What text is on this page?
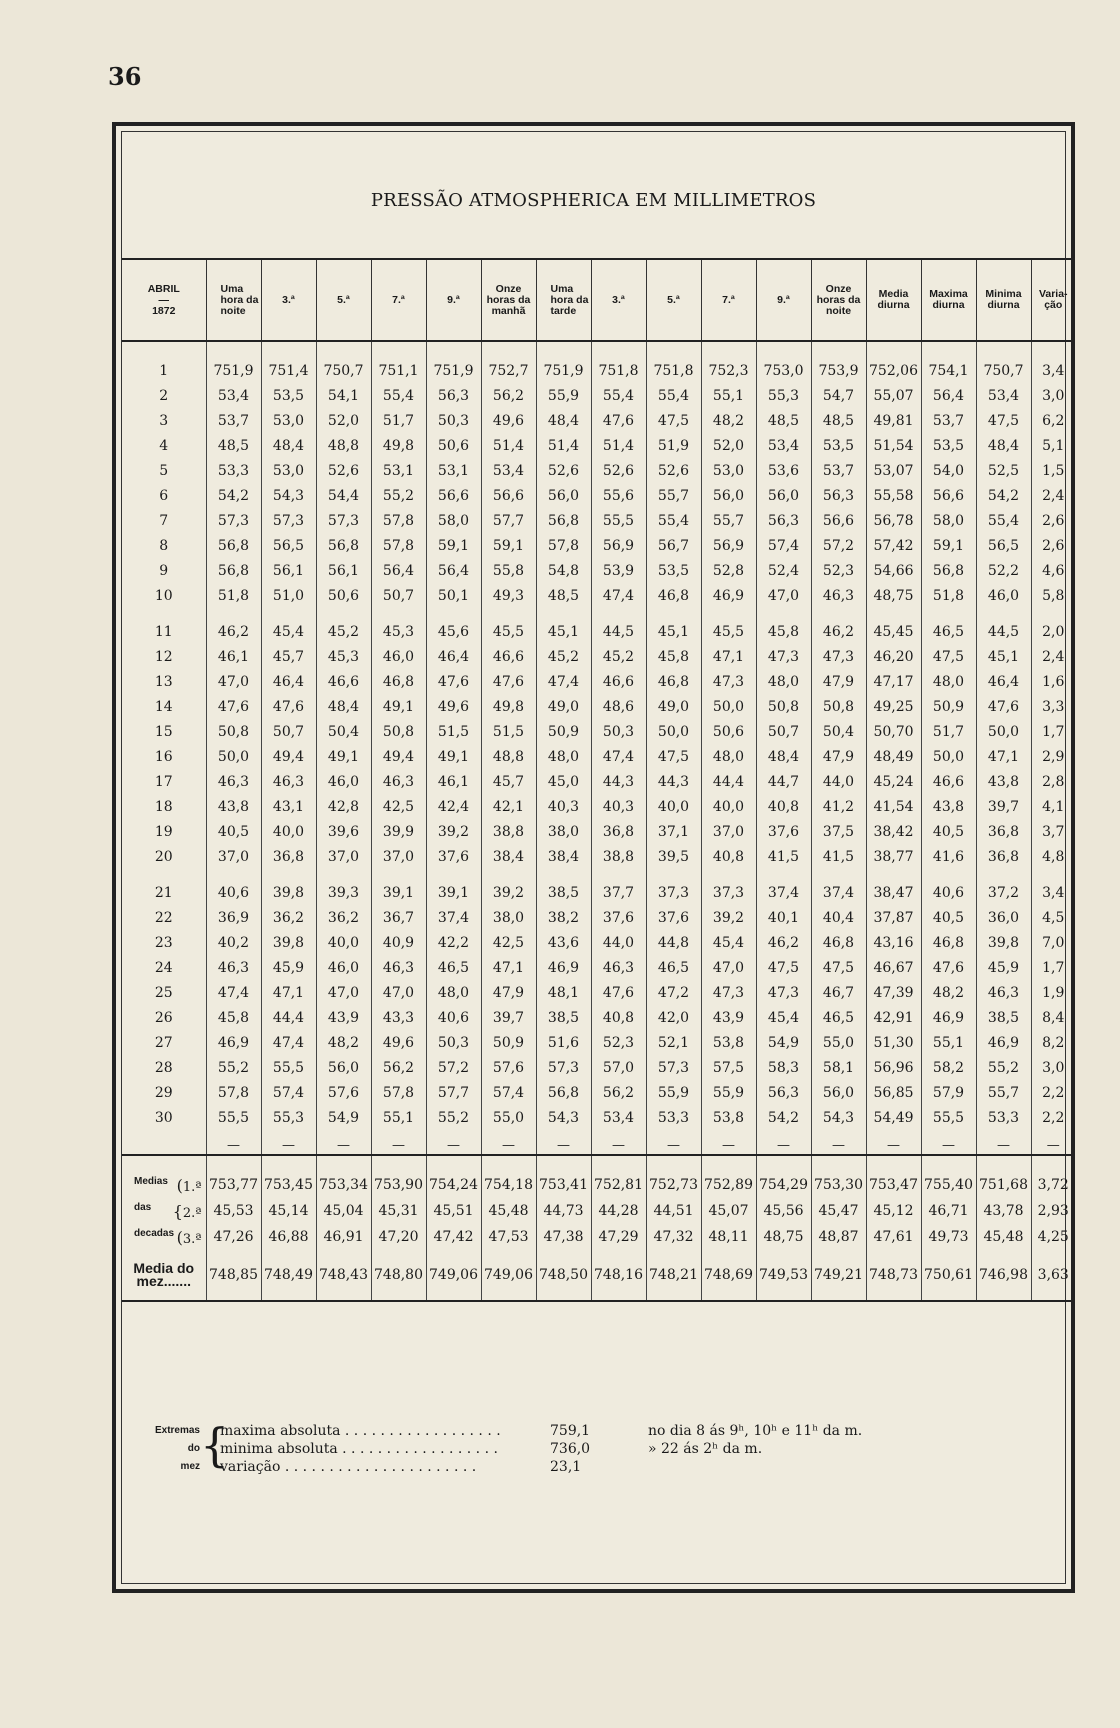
36
PRESSÃO ATMOSPHERICA EM MILLIMETROS
ABRIL
—
1872	Uma hora da noite	3.ª	5.ª	7.ª	9.ª	Onze horas da manhã	Uma hora da tarde	3.ª	5.ª	7.ª	9.ª	Onze horas da noite	Media diurna	Maxima diurna	Minima diurna	Varia-ção

1	751,9	751,4	750,7	751,1	751,9	752,7	751,9	751,8	751,8	752,3	753,0	753,9	752,06	754,1	750,7	3,4
2	53,4	53,5	54,1	55,4	56,3	56,2	55,9	55,4	55,4	55,1	55,3	54,7	55,07	56,4	53,4	3,0
3	53,7	53,0	52,0	51,7	50,3	49,6	48,4	47,6	47,5	48,2	48,5	48,5	49,81	53,7	47,5	6,2
4	48,5	48,4	48,8	49,8	50,6	51,4	51,4	51,4	51,9	52,0	53,4	53,5	51,54	53,5	48,4	5,1
5	53,3	53,0	52,6	53,1	53,1	53,4	52,6	52,6	52,6	53,0	53,6	53,7	53,07	54,0	52,5	1,5
6	54,2	54,3	54,4	55,2	56,6	56,6	56,0	55,6	55,7	56,0	56,0	56,3	55,58	56,6	54,2	2,4
7	57,3	57,3	57,3	57,8	58,0	57,7	56,8	55,5	55,4	55,7	56,3	56,6	56,78	58,0	55,4	2,6
8	56,8	56,5	56,8	57,8	59,1	59,1	57,8	56,9	56,7	56,9	57,4	57,2	57,42	59,1	56,5	2,6
9	56,8	56,1	56,1	56,4	56,4	55,8	54,8	53,9	53,5	52,8	52,4	52,3	54,66	56,8	52,2	4,6
10	51,8	51,0	50,6	50,7	50,1	49,3	48,5	47,4	46,8	46,9	47,0	46,3	48,75	51,8	46,0	5,8

11	46,2	45,4	45,2	45,3	45,6	45,5	45,1	44,5	45,1	45,5	45,8	46,2	45,45	46,5	44,5	2,0
12	46,1	45,7	45,3	46,0	46,4	46,6	45,2	45,2	45,8	47,1	47,3	47,3	46,20	47,5	45,1	2,4
13	47,0	46,4	46,6	46,8	47,6	47,6	47,4	46,6	46,8	47,3	48,0	47,9	47,17	48,0	46,4	1,6
14	47,6	47,6	48,4	49,1	49,6	49,8	49,0	48,6	49,0	50,0	50,8	50,8	49,25	50,9	47,6	3,3
15	50,8	50,7	50,4	50,8	51,5	51,5	50,9	50,3	50,0	50,6	50,7	50,4	50,70	51,7	50,0	1,7
16	50,0	49,4	49,1	49,4	49,1	48,8	48,0	47,4	47,5	48,0	48,4	47,9	48,49	50,0	47,1	2,9
17	46,3	46,3	46,0	46,3	46,1	45,7	45,0	44,3	44,3	44,4	44,7	44,0	45,24	46,6	43,8	2,8
18	43,8	43,1	42,8	42,5	42,4	42,1	40,3	40,3	40,0	40,0	40,8	41,2	41,54	43,8	39,7	4,1
19	40,5	40,0	39,6	39,9	39,2	38,8	38,0	36,8	37,1	37,0	37,6	37,5	38,42	40,5	36,8	3,7
20	37,0	36,8	37,0	37,0	37,6	38,4	38,4	38,8	39,5	40,8	41,5	41,5	38,77	41,6	36,8	4,8

21	40,6	39,8	39,3	39,1	39,1	39,2	38,5	37,7	37,3	37,3	37,4	37,4	38,47	40,6	37,2	3,4
22	36,9	36,2	36,2	36,7	37,4	38,0	38,2	37,6	37,6	39,2	40,1	40,4	37,87	40,5	36,0	4,5
23	40,2	39,8	40,0	40,9	42,2	42,5	43,6	44,0	44,8	45,4	46,2	46,8	43,16	46,8	39,8	7,0
24	46,3	45,9	46,0	46,3	46,5	47,1	46,9	46,3	46,5	47,0	47,5	47,5	46,67	47,6	45,9	1,7
25	47,4	47,1	47,0	47,0	48,0	47,9	48,1	47,6	47,2	47,3	47,3	46,7	47,39	48,2	46,3	1,9
26	45,8	44,4	43,9	43,3	40,6	39,7	38,5	40,8	42,0	43,9	45,4	46,5	42,91	46,9	38,5	8,4
27	46,9	47,4	48,2	49,6	50,3	50,9	51,6	52,3	52,1	53,8	54,9	55,0	51,30	55,1	46,9	8,2
28	55,2	55,5	56,0	56,2	57,2	57,6	57,3	57,0	57,3	57,5	58,3	58,1	56,96	58,2	55,2	3,0
29	57,8	57,4	57,6	57,8	57,7	57,4	56,8	56,2	55,9	55,9	56,3	56,0	56,85	57,9	55,7	2,2
30	55,5	55,3	54,9	55,1	55,2	55,0	54,3	53,4	53,3	53,8	54,2	54,3	54,49	55,5	53,3	2,2

	—	—	—	—	—	—	—	—	—	—	—	—	—	—	—	—

Medias (1.ª	753,77	753,45	753,34	753,90	754,24	754,18	753,41	752,81	752,73	752,89	754,29	753,30	753,47	755,40	751,68	3,72

das {2.ª	45,53	45,14	45,04	45,31	45,51	45,48	44,73	44,28	44,51	45,07	45,56	45,47	45,12	46,71	43,78	2,93

decadas (3.ª	47,26	46,88	46,91	47,20	47,42	47,53	47,38	47,29	47,32	48,11	48,75	48,87	47,61	49,73	45,48	4,25

Media do
mez.......	748,85	748,49	748,43	748,80	749,06	749,06	748,50	748,16	748,21	748,69	749,53	749,21	748,73	750,61	746,98	3,63
Extremas
do
mez {
maxima absoluta . . . . . . . . . . . . . . . . . .	759,1	no dia 8 ás 9ʰ, 10ʰ e 11ʰ da m.
minima absoluta . . . . . . . . . . . . . . . . . .	736,0	» 22 ás 2ʰ da m.
variação . . . . . . . . . . . . . . . . . . . . . .	23,1
